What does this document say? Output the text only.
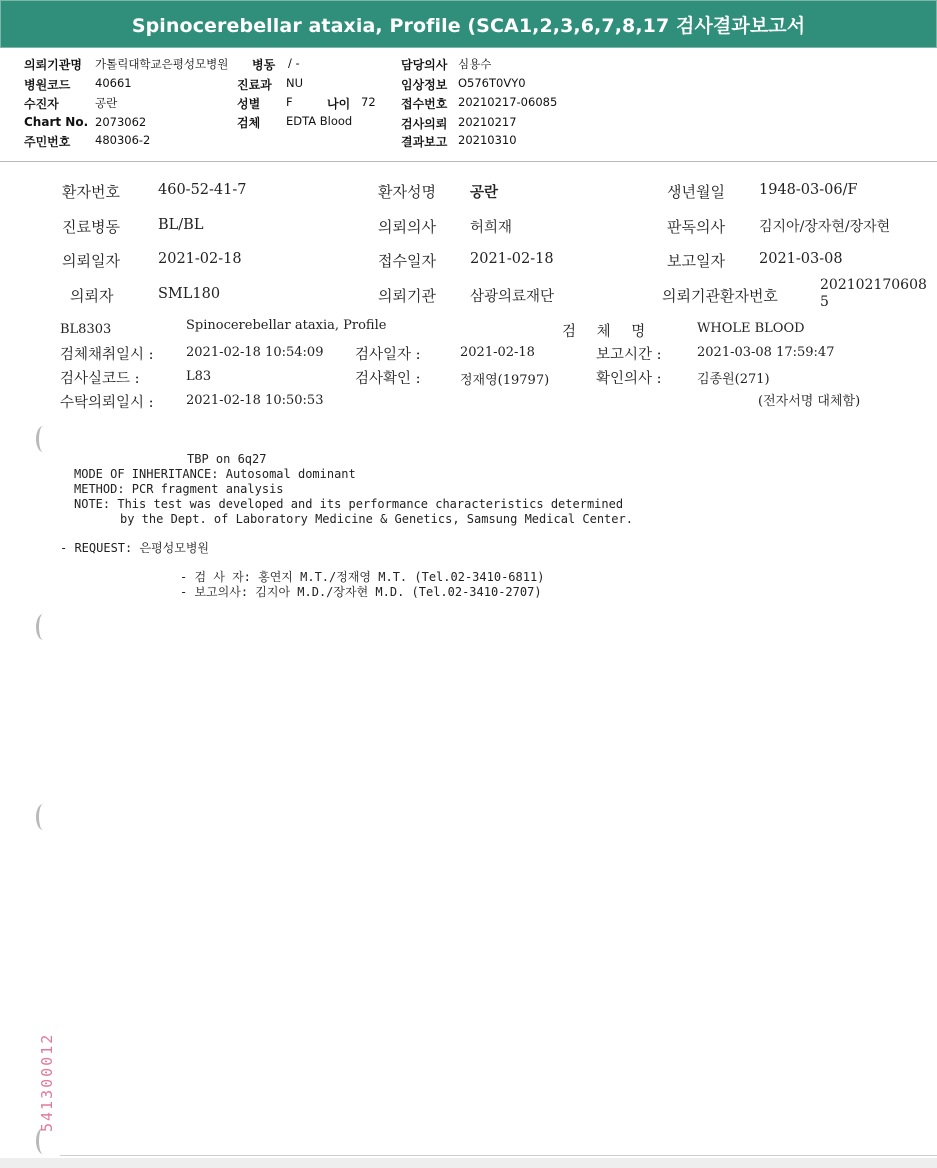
Spinocerebellar ataxia, Profile (SCA1,2,3,6,7,8,17 검사결과보고서
의뢰기관명 가톨릭대학교은평성모병원 병동 / -	담당의사 심용수
병원코드 40661	진료과 NU	임상정보 O576T0VY0
수진자	공란	성별 F	나이 72 접수번호 20210217-06085
Chart No. 2073062	검체 EDTA Blood	검사의뢰 20210217
주민번호 480306-2	결과보고 20210310
환자번호	460-52-41-7	환자성명 공란	생년월일 1948-03-06/F
진료병동	BL/BL	의뢰의사 허희재	판독의사 김지아/장자현/장자현
의뢰일자	2021-02-18	접수일자 2021-02-18	보고일자 2021-03-08
의뢰자	SML180	의뢰기관 삼광의료재단	의뢰기관환자번호
202102170608
5
BL8303	Spinocerebellar ataxia, Profile	검 체 명	WHOLE BLOOD
검체채취일시 : 2021-02-18 10:54:09 검사일자 :	2021-02-18	보고시간 :	2021-03-08 17:59:47
검사실코드 :	L83	검사확인 :	정재영(19797)	확인의사 :	김종원(271)
수탁의뢰일시 : 2021-02-18 10:50:53	(전자서명 대체함)
TBP on 6q27
MODE OF INHERITANCE: Autosomal dominant
METHOD: PCR fragment analysis
NOTE: This test was developed and its performance characteristics determined
by the Dept. of Laboratory Medicine & Genetics, Samsung Medical Center.
- REQUEST: 은평성모병원
- 검 사 자: 홍연지 M.T./정재영 M.T. (Tel.02-3410-6811)
- 보고의사: 김지아 M.D./장자현 M.D. (Tel.02-3410-2707)
541300012
